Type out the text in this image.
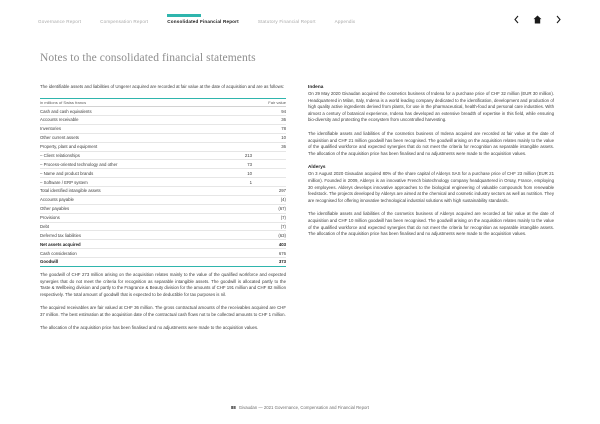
Governance Report	Compensation Report	Consolidated Financial Report	Statutory Financial Report	Appendix
Notes to the consolidated financial statements

The identifiable assets and liabilities of Ungerer acquired are recorded at fair value at the date of acquisition and are as follows:

in millions of Swiss francs		Fair value
Cash and cash equivalents		94
Accounts receivable		36
Inventories		78
Other current assets		10
Property, plant and equipment		36
– Client relationships	213	
– Process-oriented technology and other	73	
– Name and product brands	10	
– Software / ERP system	1	
Total identified intangible assets		297
Accounts payable		(4)
Other payables		(67)
Provisions		(7)
Debt		(7)
Deferred tax liabilities		(63)
Net assets acquired		403
Cash consideration		676
Goodwill		373

The goodwill of CHF 273 million arising on the acquisition relates mainly to the value of the qualified workforce and expected synergies that do not meet the criteria for recognition as separable intangible assets. The goodwill is allocated partly to the Taste & Wellbeing division and partly to the Fragrance & Beauty division for the amounts of CHF 191 million and CHF 82 million respectively. The total amount of goodwill that is expected to be deductible for tax purposes is nil.

The acquired receivables are fair valued at CHF 36 million. The gross contractual amounts of the receivables acquired are CHF 37 million. The best estimation at the acquisition date of the contractual cash flows not to be collected amounts to CHF 1 million.

The allocation of the acquisition price has been finalised and no adjustments were made to the acquisition values.

Indena

On 29 May 2020 Givaudan acquired the cosmetics business of Indena for a purchase price of CHF 32 million (EUR 30 million). Headquartered in Milan, Italy, Indena is a world leading company dedicated to the identification, development and production of high quality active ingredients derived from plants, for use in the pharmaceutical, health-food and personal care industries. With almost a century of botanical experience, Indena has developed an extensive breadth of expertise in this field, while ensuring bio-diversity and protecting the ecosystem from uncontrolled harvesting.

The identifiable assets and liabilities of the cosmetics business of Indena acquired are recorded at fair value at the date of acquisition and CHF 21 million goodwill has been recognised. The goodwill arising on the acquisition relates mainly to the value of the qualified workforce and expected synergies that do not meet the criteria for recognition as separable intangible assets. The allocation of the acquisition price has been finalised and no adjustments were made to the acquisition values.

Alderys

On 3 August 2020 Givaudan acquired 80% of the share capital of Alderys SAS for a purchase price of CHF 23 million (EUR 21 million). Founded in 2009, Alderys is an innovative French biotechnology company headquartered in Orsay, France, employing 30 employees. Alderys develops innovative approaches to the biological engineering of valuable compounds from renewable feedstock. The projects developed by Alderys are aimed at the chemical and cosmetic industry sectors as well as nutrition. They are recognised for offering innovative technological industrial solutions with high sustainability standards.

The identifiable assets and liabilities of the cosmetics business of Alderys acquired are recorded at fair value at the date of acquisition and CHF 10 million goodwill has been recognised. The goodwill arising on the acquisition relates mainly to the value of the qualified workforce and expected synergies that do not meet the criteria for recognition as separable intangible assets. The allocation of the acquisition price has been finalised and no adjustments were made to the acquisition values.

88 Givaudan — 2021 Governance, Compensation and Financial Report
